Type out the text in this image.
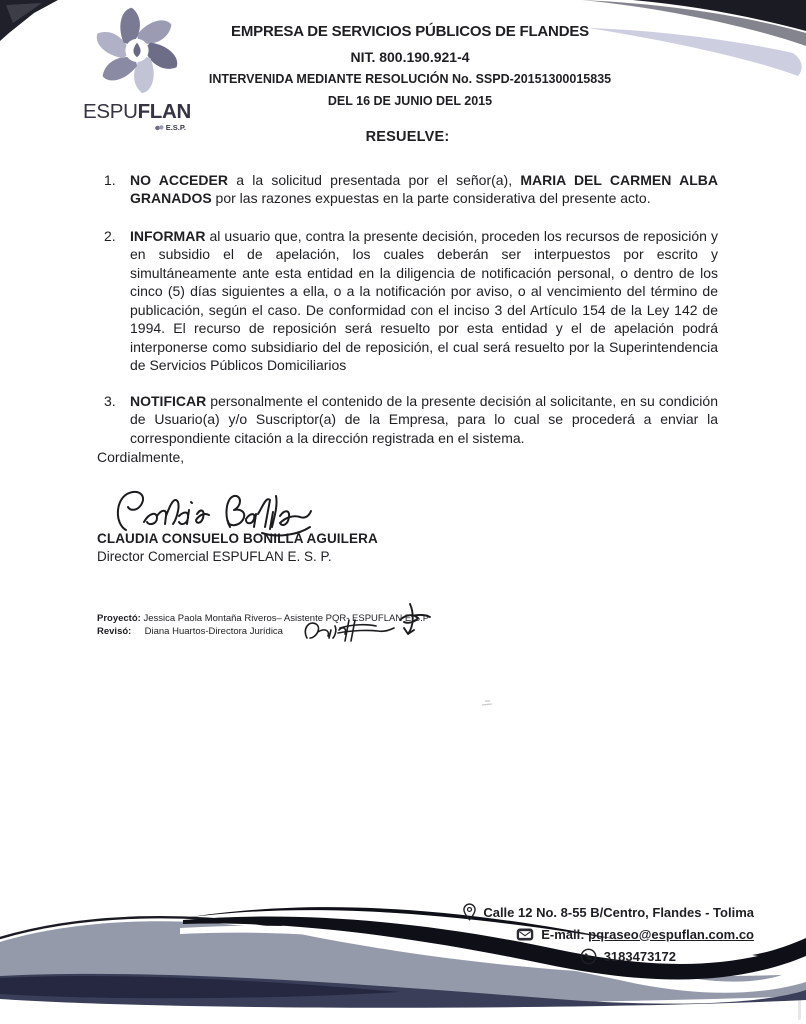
ESPUFLAN
E.S.P.
EMPRESA DE SERVICIOS PÚBLICOS DE FLANDES
NIT. 800.190.921-4
INTERVENIDA MEDIANTE RESOLUCIÓN No. SSPD-20151300015835
DEL 16 DE JUNIO DEL 2015
RESUELVE:
1.	NO ACCEDER a la solicitud presentada por el señor(a), MARIA DEL CARMEN ALBA GRANADOS por las razones expuestas en la parte considerativa del presente acto.
2.	INFORMAR al usuario que, contra la presente decisión, proceden los recursos de reposición y en subsidio el de apelación, los cuales deberán ser interpuestos por escrito y simultáneamente ante esta entidad en la diligencia de notificación personal, o dentro de los cinco (5) días siguientes a ella, o a la notificación por aviso, o al vencimiento del término de publicación, según el caso. De conformidad con el inciso 3 del Artículo 154 de la Ley 142 de 1994. El recurso de reposición será resuelto por esta entidad y el de apelación podrá interponerse como subsidiario del de reposición, el cual será resuelto por la Superintendencia de Servicios Públicos Domiciliarios
3.	NOTIFICAR personalmente el contenido de la presente decisión al solicitante, en su condición de Usuario(a) y/o Suscriptor(a) de la Empresa, para lo cual se procederá a enviar la correspondiente citación a la dirección registrada en el sistema.
Cordialmente,
CLAUDIA CONSUELO BONILLA AGUILERA
Director Comercial ESPUFLAN E. S. P.
Proyectó: Jessica Paola Montaña Riveros– Asistente PQR- ESPUFLAN E.S.P
Revisó: Diana Huartos-Directora Jurídica
Calle 12 No. 8-55 B/Centro, Flandes - Tolima
E-mail: pqraseo@espuflan.com.co
3183473172
